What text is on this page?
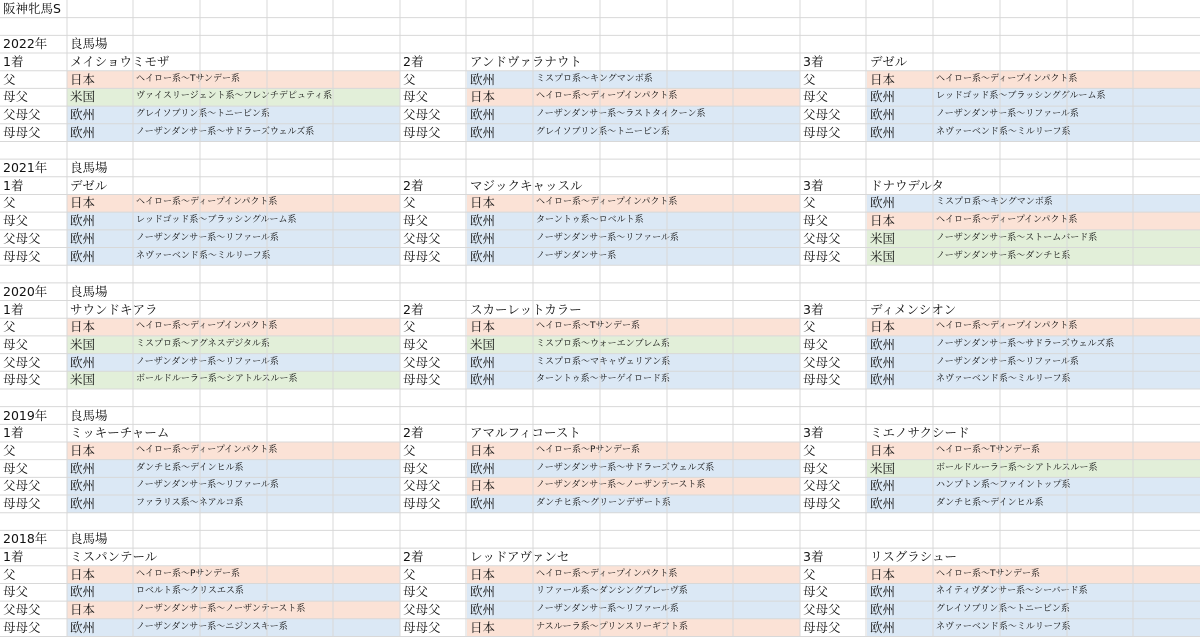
阪神牝馬S
2022年 良馬場
1着	メイショウミモザ
父	日本	ヘイロー系～Tサンデー系
母父	米国	ヴァイスリージェント系～フレンチデピュティ系
父母父 欧州	グレイソブリン系～トニービン系
母母父 欧州	ノーザンダンサー系～サドラーズウェルズ系
2着	アンドヴァラナウト
父	欧州	ミスプロ系～キングマンボ系
母父	日本	ヘイロー系～ディープインパクト系
父母父 欧州	ノーザンダンサー系～ラストタイクーン系
母母父 欧州	グレイソブリン系～トニービン系
3着	デゼル
父	日本	ヘイロー系～ディープインパクト系
母父	欧州	レッドゴッド系～ブラッシンググルーム系
父母父 欧州	ノーザンダンサー系～リファール系
母母父 欧州	ネヴァーベンド系～ミルリーフ系
2021年 良馬場
1着	デゼル
父	日本	ヘイロー系～ディープインパクト系
母父	欧州	レッドゴッド系～ブラッシングルーム系
父母父 欧州	ノーザンダンサー系～リファール系
母母父 欧州	ネヴァーベンド系～ミルリーフ系
2着	マジックキャッスル
父	日本	ヘイロー系～ディープインパクト系
母父	欧州	ターントゥ系～ロベルト系
父母父 欧州	ノーザンダンサー系～リファール系
母母父 欧州	ノーザンダンサー系
3着	ドナウデルタ
父	欧州	ミスプロ系～キングマンボ系
母父	日本	ヘイロー系～ディープインパクト系
父母父 米国	ノーザンダンサー系～ストームバード系
母母父 米国	ノーザンダンサー系～ダンチヒ系
2020年 良馬場
1着	サウンドキアラ
父	日本	ヘイロー系～ディープインパクト系
母父	米国	ミスプロ系～アグネスデジタル系
父母父 欧州	ノーザンダンサー系～リファール系
母母父 米国	ボールドルーラー系～シアトルスルー系
2着	スカーレットカラー
父	日本	ヘイロー系～Tサンデー系
母父	米国	ミスプロ系～ウォーエンブレム系
父母父 欧州	ミスプロ系～マキャヴェリアン系
母母父 欧州	ターントゥ系～サーゲイロード系
3着	ディメンシオン
父	日本	ヘイロー系～ディープインパクト系
母父	欧州	ノーザンダンサー系～サドラーズウェルズ系
父母父 欧州	ノーザンダンサー系～リファール系
母母父 欧州	ネヴァーベンド系～ミルリーフ系
2019年 良馬場
1着	ミッキーチャーム
父	日本	ヘイロー系～ディープインパクト系
母父	欧州	ダンチヒ系～デインヒル系
父母父 欧州	ノーザンダンサー系～リファール系
母母父 欧州	ファラリス系～ネアルコ系
2着	アマルフィコースト
父	日本	ヘイロー系～Pサンデー系
母父	欧州	ノーザンダンサー系～サドラーズウェルズ系
父母父 日本	ノーザンダンサー系～ノーザンテースト系
母母父 欧州	ダンチヒ系～グリーンデザート系
3着	ミエノサクシード
父	日本	ヘイロー系～Tサンデー系
母父	米国	ボールドルーラー系～シアトルスルー系
父母父 欧州	ハンプトン系～ファイントップ系
母母父 欧州	ダンチヒ系～デインヒル系
2018年 良馬場
1着	ミスパンテール
父	日本	ヘイロー系～Pサンデー系
母父	欧州	ロベルト系～クリスエス系
父母父 日本	ノーザンダンサー系～ノーザンテースト系
母母父 欧州	ノーザンダンサー系～ニジンスキー系
2着	レッドアヴァンセ
父	日本	ヘイロー系～ディープインパクト系
母父	欧州	リファール系～ダンシングブレーヴ系
父母父 欧州	ノーザンダンサー系～リファール系
母母父 日本	ナスルーラ系～プリンスリーギフト系
3着	リスグラシュー
父	日本	ヘイロー系～Tサンデー系
母父	欧州	ネイティヴダンサー系～シーバード系
父母父 欧州	グレイソブリン系～トニービン系
母母父 欧州	ネヴァーベンド系～ミルリーフ系
